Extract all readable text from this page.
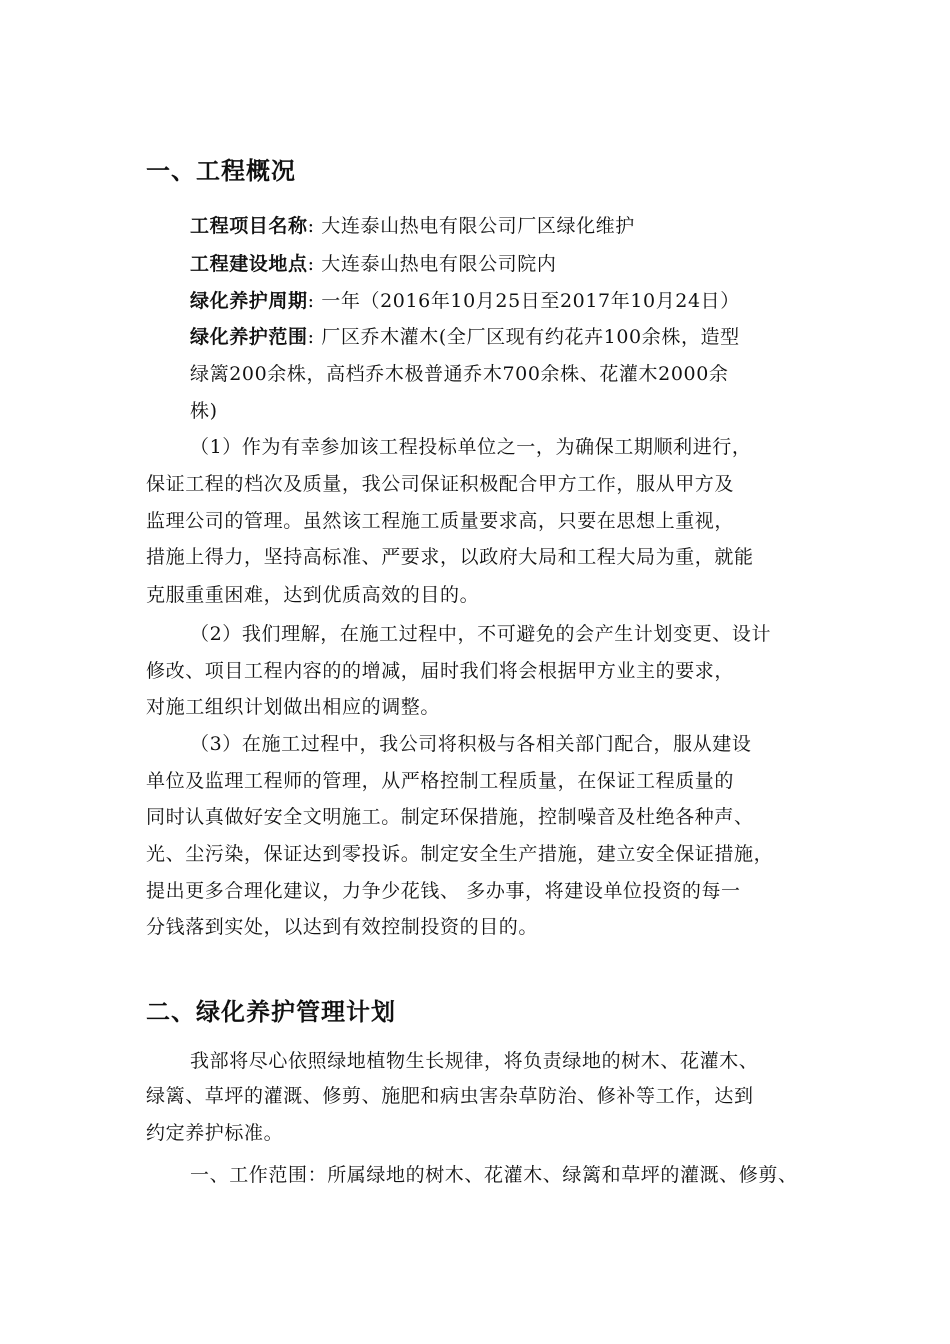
一、工程概况

工程项目名称: 大连泰山热电有限公司厂区绿化维护

工程建设地点: 大连泰山热电有限公司院内

绿化养护周期: 一年（2016年10月25日至2017年10月24日）

绿化养护范围: 厂区乔木灌木(全厂区现有约花卉100余株，造型

绿篱200余株，高档乔木极普通乔木700余株、花灌木2000余

株)

（1）作为有幸参加该工程投标单位之一，为确保工期顺利进行，

保证工程的档次及质量，我公司保证积极配合甲方工作，服从甲方及

监理公司的管理。虽然该工程施工质量要求高，只要在思想上重视，

措施上得力，坚持高标准、严要求，以政府大局和工程大局为重，就能

克服重重困难，达到优质高效的目的。

（2）我们理解，在施工过程中，不可避免的会产生计划变更、设计

修改、项目工程内容的的增减，届时我们将会根据甲方业主的要求，

对施工组织计划做出相应的调整。

（3）在施工过程中，我公司将积极与各相关部门配合，服从建设

单位及监理工程师的管理，从严格控制工程质量，在保证工程质量的

同时认真做好安全文明施工。制定环保措施，控制噪音及杜绝各种声、

光、尘污染，保证达到零投诉。制定安全生产措施，建立安全保证措施，

提出更多合理化建议，力争少花钱、 多办事，将建设单位投资的每一

分钱落到实处，以达到有效控制投资的目的。

二、绿化养护管理计划

我部将尽心依照绿地植物生长规律，将负责绿地的树木、花灌木、

绿篱、草坪的灌溉、修剪、施肥和病虫害杂草防治、修补等工作，达到

约定养护标准。

一、工作范围：所属绿地的树木、花灌木、绿篱和草坪的灌溉、修剪、
